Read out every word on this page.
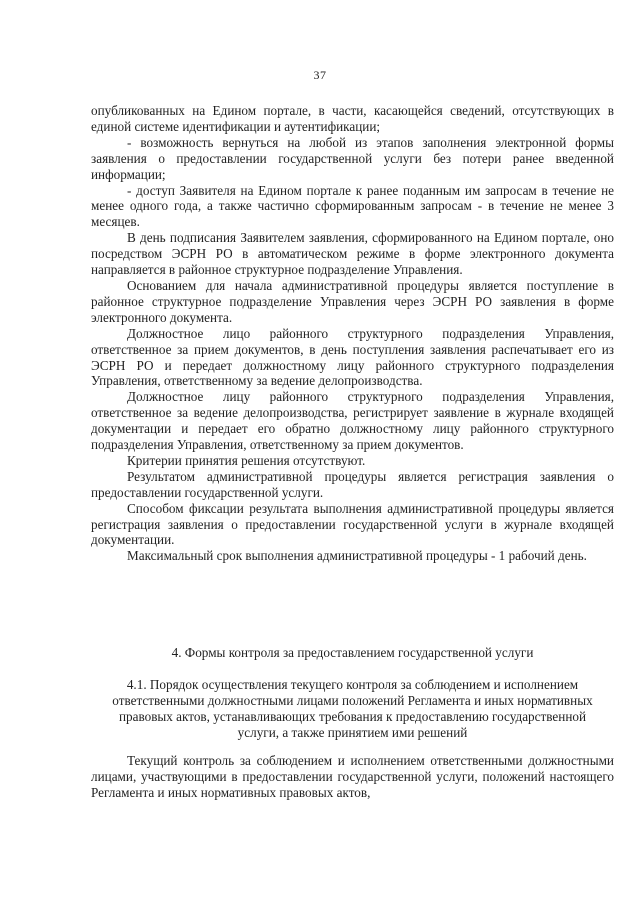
37

опубликованных на Едином портале, в части, касающейся сведений, отсутствующих в единой системе идентификации и аутентификации;

- возможность вернуться на любой из этапов заполнения электронной формы заявления о предоставлении государственной услуги без потери ранее введенной информации;

- доступ Заявителя на Едином портале к ранее поданным им запросам в течение не менее одного года, а также частично сформированным запросам - в течение не менее 3 месяцев.

В день подписания Заявителем заявления, сформированного на Едином портале, оно посредством ЭСРН РО в автоматическом режиме в форме электронного документа направляется в районное структурное подразделение Управления.

Основанием для начала административной процедуры является поступление в районное структурное подразделение Управления через ЭСРН РО заявления в форме электронного документа.

Должностное лицо районного структурного подразделения Управления, ответственное за прием документов, в день поступления заявления распечатывает его из ЭСРН РО и передает должностному лицу районного структурного подразделения Управления, ответственному за ведение делопроизводства.

Должностное лицу районного структурного подразделения Управления, ответственное за ведение делопроизводства, регистрирует заявление в журнале входящей документации и передает его обратно должностному лицу районного структурного подразделения Управления, ответственному за прием документов.

Критерии принятия решения отсутствуют.

Результатом административной процедуры является регистрация заявления о предоставлении государственной услуги.

Способом фиксации результата выполнения административной процедуры является регистрация заявления о предоставлении государственной услуги в журнале входящей документации.

Максимальный срок выполнения административной процедуры - 1 рабочий день.

4. Формы контроля за предоставлением государственной услуги
4.1. Порядок осуществления текущего контроля за соблюдением и исполнением ответственными должностными лицами положений Регламента и иных нормативных правовых актов, устанавливающих требования к предоставлению государственной услуги, а также принятием ими решений

Текущий контроль за соблюдением и исполнением ответственными должностными лицами, участвующими в предоставлении государственной услуги, положений настоящего Регламента и иных нормативных правовых актов,
